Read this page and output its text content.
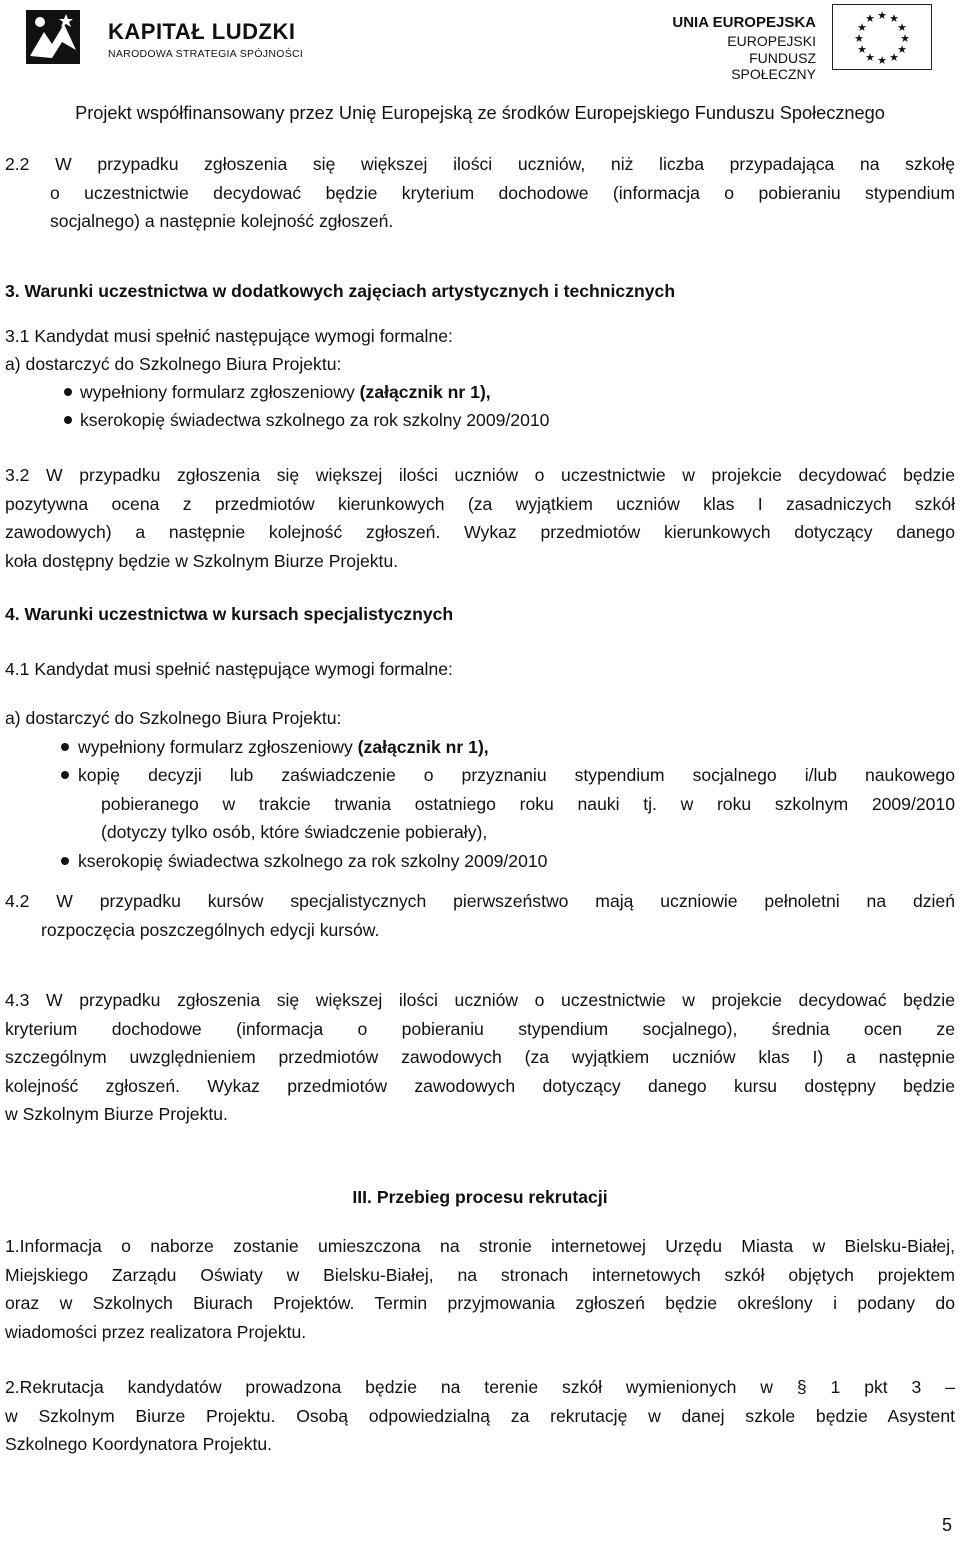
KAPITAŁ LUDZKI
NARODOWA STRATEGIA SPÓJNOŚCI
UNIA EUROPEJSKA
EUROPEJSKI
FUNDUSZ SPOŁECZNY
★ ★
★
★
★
★
★
★
★
★
★
★
Projekt współfinansowany przez Unię Europejską ze środków Europejskiego Funduszu Społecznego
2.2 W przypadku zgłoszenia się większej ilości uczniów, niż liczba przypadająca na szkołę
o uczestnictwie decydować będzie kryterium dochodowe (informacja o pobieraniu stypendium
socjalnego) a następnie kolejność zgłoszeń.
3. Warunki uczestnictwa w dodatkowych zajęciach artystycznych i technicznych
3.1 Kandydat musi spełnić następujące wymogi formalne:
a) dostarczyć do Szkolnego Biura Projektu:
wypełniony formularz zgłoszeniowy (załącznik nr 1),
kserokopię świadectwa szkolnego za rok szkolny 2009/2010
3.2 W przypadku zgłoszenia się większej ilości uczniów o uczestnictwie w projekcie decydować będzie
pozytywna ocena z przedmiotów kierunkowych (za wyjątkiem uczniów klas I zasadniczych szkół
zawodowych) a następnie kolejność zgłoszeń. Wykaz przedmiotów kierunkowych dotyczący danego
koła dostępny będzie w Szkolnym Biurze Projektu.
4. Warunki uczestnictwa w kursach specjalistycznych
4.1 Kandydat musi spełnić następujące wymogi formalne:
a) dostarczyć do Szkolnego Biura Projektu:
wypełniony formularz zgłoszeniowy (załącznik nr 1),
kopię decyzji lub zaświadczenie o przyznaniu stypendium socjalnego i/lub naukowego
pobieranego w trakcie trwania ostatniego roku nauki tj. w roku szkolnym 2009/2010
(dotyczy tylko osób, które świadczenie pobierały),
kserokopię świadectwa szkolnego za rok szkolny 2009/2010
4.2 W przypadku kursów specjalistycznych pierwszeństwo mają uczniowie pełnoletni na dzień
rozpoczęcia poszczególnych edycji kursów.
4.3 W przypadku zgłoszenia się większej ilości uczniów o uczestnictwie w projekcie decydować będzie
kryterium dochodowe (informacja o pobieraniu stypendium socjalnego), średnia ocen ze
szczególnym uwzględnieniem przedmiotów zawodowych (za wyjątkiem uczniów klas I) a następnie
kolejność zgłoszeń. Wykaz przedmiotów zawodowych dotyczący danego kursu dostępny będzie
w Szkolnym Biurze Projektu.
III. Przebieg procesu rekrutacji
1.Informacja o naborze zostanie umieszczona na stronie internetowej Urzędu Miasta w Bielsku-Białej,
Miejskiego Zarządu Oświaty w Bielsku-Białej, na stronach internetowych szkół objętych projektem
oraz w Szkolnych Biurach Projektów. Termin przyjmowania zgłoszeń będzie określony i podany do
wiadomości przez realizatora Projektu.
2.Rekrutacja kandydatów prowadzona będzie na terenie szkół wymienionych w § 1 pkt 3 –
w Szkolnym Biurze Projektu. Osobą odpowiedzialną za rekrutację w danej szkole będzie Asystent
Szkolnego Koordynatora Projektu.
5
